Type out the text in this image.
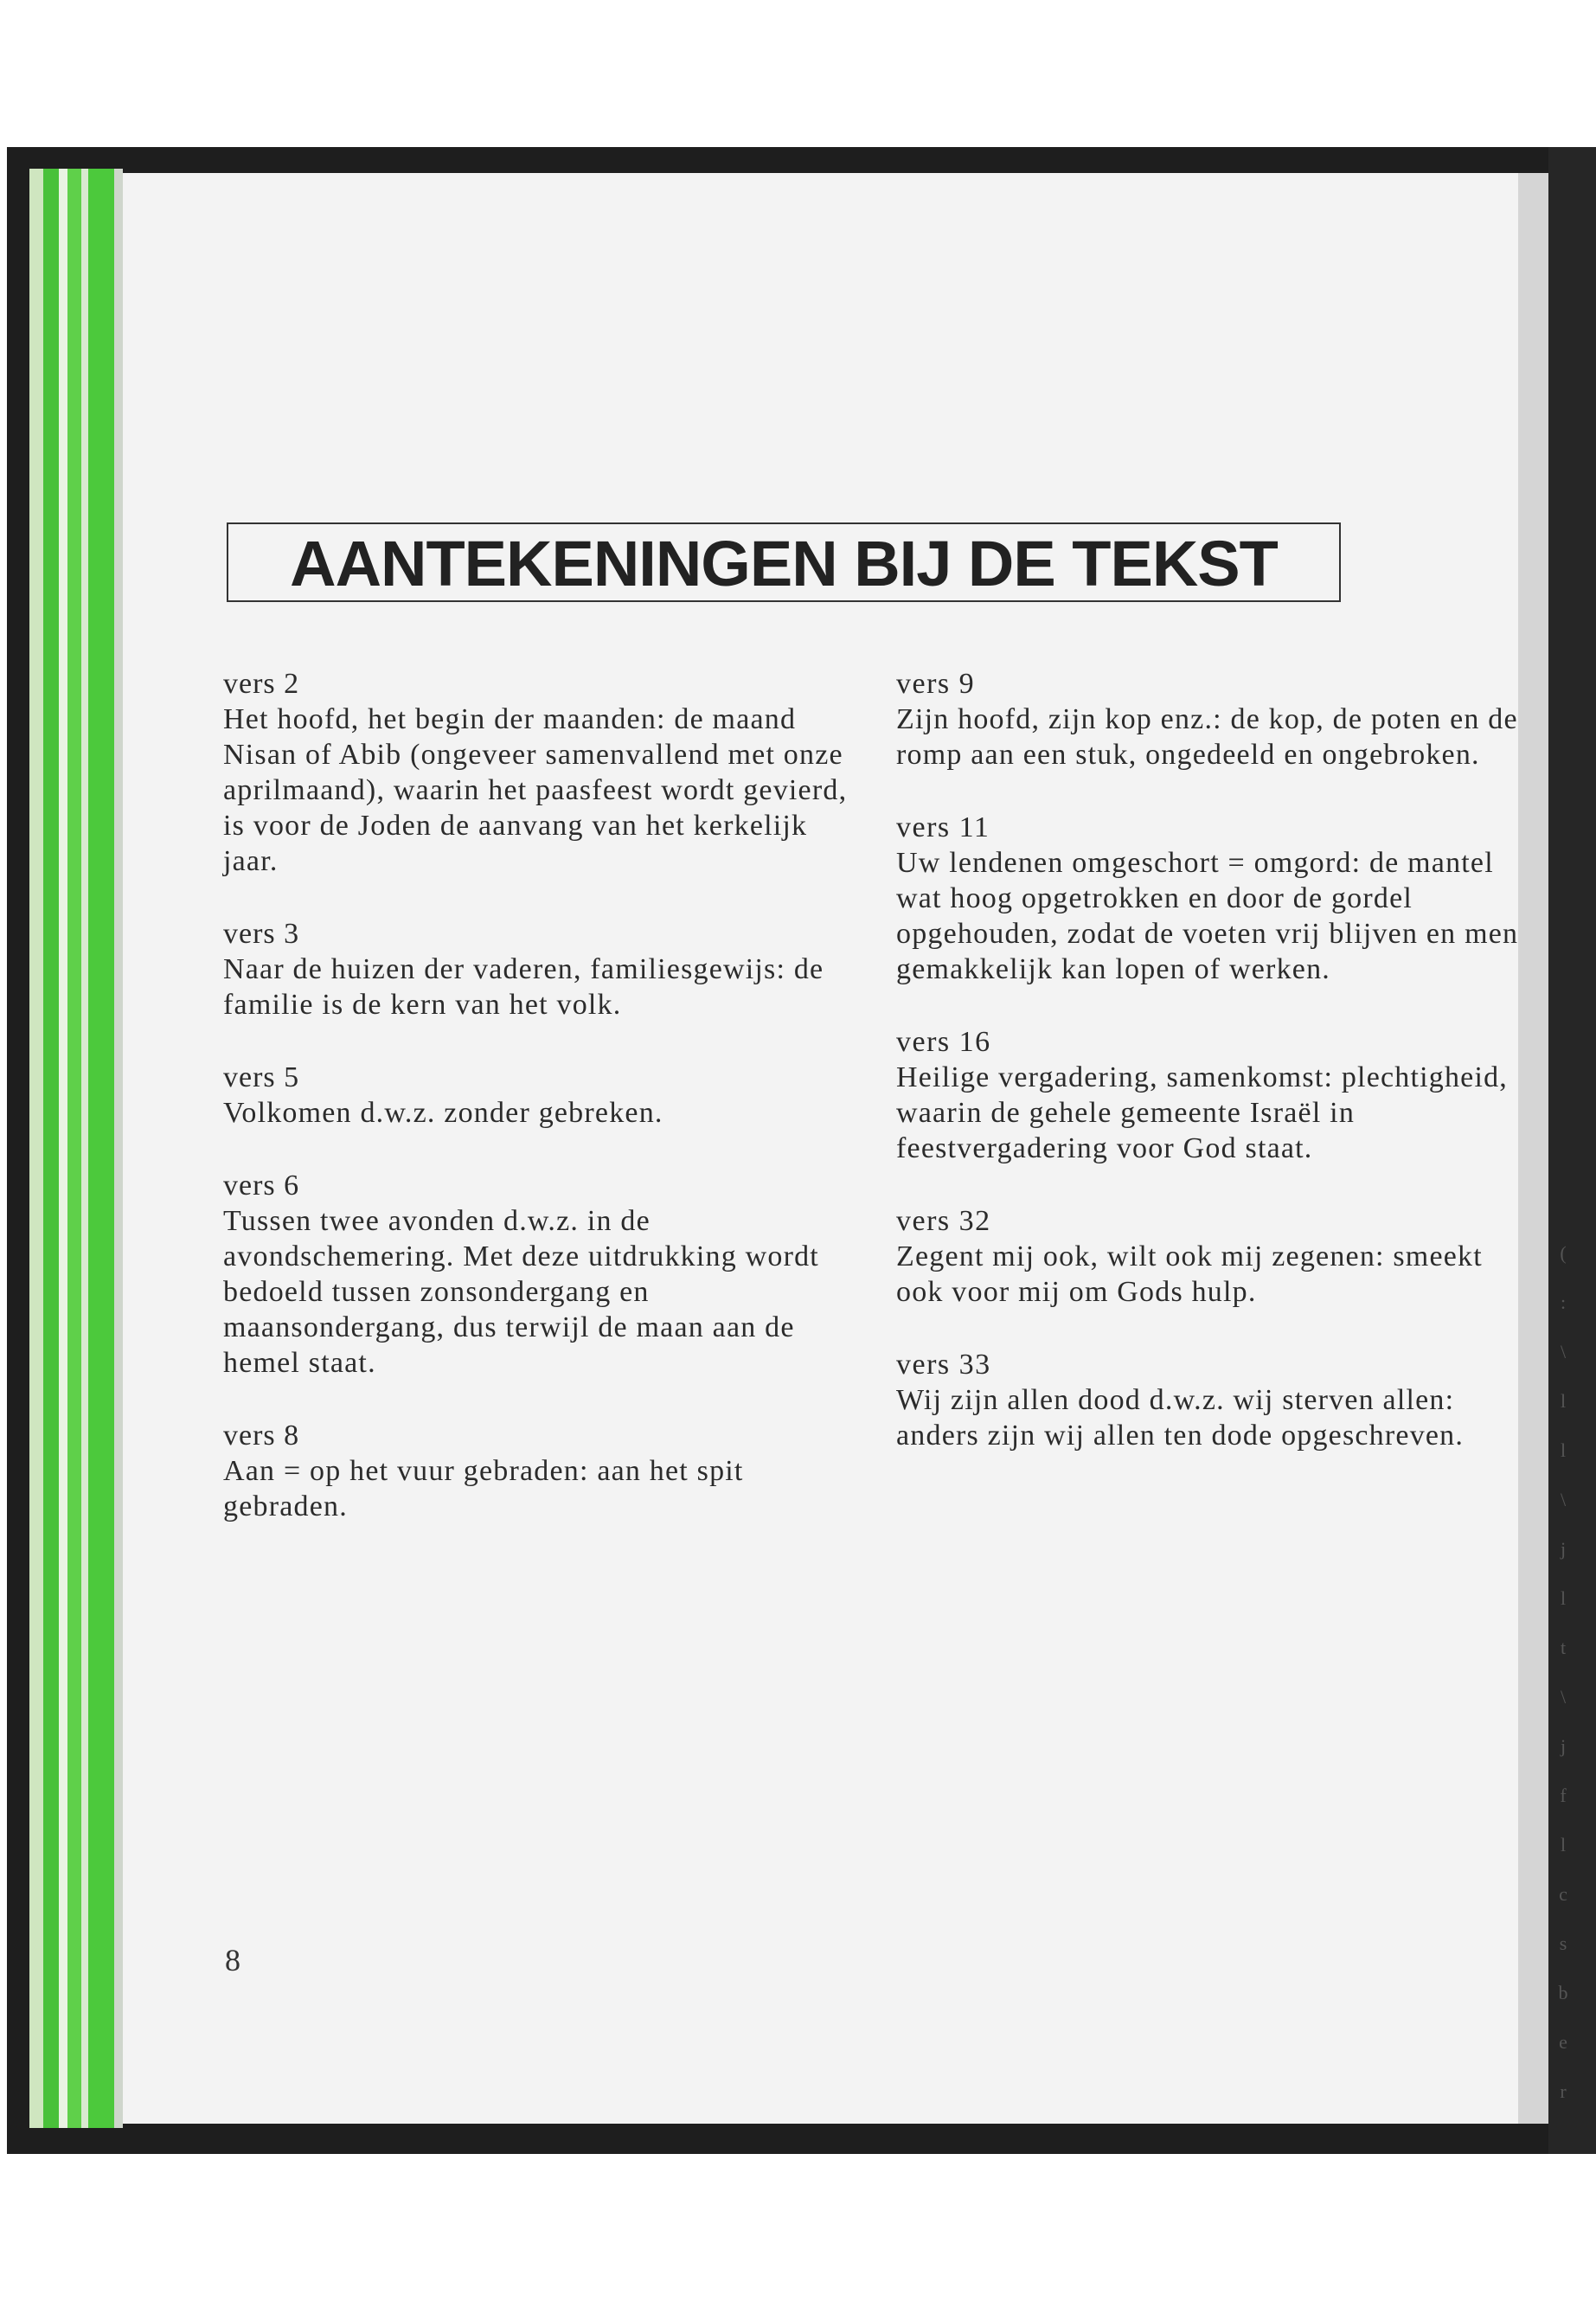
(
:
\
l
l
\
j
l
t
\
j
f
l
c
s
b
e
r
AANTEKENINGEN BIJ DE TEKST
vers 2
Het hoofd, het begin der maanden: de maand Nisan of Abib (ongeveer samenvallend met onze aprilmaand), waarin het paasfeest wordt gevierd, is voor de Joden de aanvang van het kerkelijk jaar.
vers 3
Naar de huizen der vaderen, familiesgewijs: de familie is de kern van het volk.
vers 5
Volkomen d.w.z. zonder gebreken.
vers 6
Tussen twee avonden d.w.z. in de avondschemering. Met deze uitdrukking wordt bedoeld tussen zonsondergang en maansondergang, dus terwijl de maan aan de hemel staat.
vers 8
Aan = op het vuur gebraden: aan het spit gebraden.
vers 9
Zijn hoofd, zijn kop enz.: de kop, de poten en de romp aan een stuk, ongedeeld en ongebroken.
vers 11
Uw lendenen omgeschort = omgord: de mantel wat hoog opgetrokken en door de gordel opgehouden, zodat de voeten vrij blijven en men gemakkelijk kan lopen of werken.
vers 16
Heilige vergadering, samenkomst: plechtigheid, waarin de gehele gemeente Israël in feestvergadering voor God staat.
vers 32
Zegent mij ook, wilt ook mij zegenen: smeekt ook voor mij om Gods hulp.
vers 33
Wij zijn allen dood d.w.z. wij sterven allen: anders zijn wij allen ten dode opgeschreven.
8
